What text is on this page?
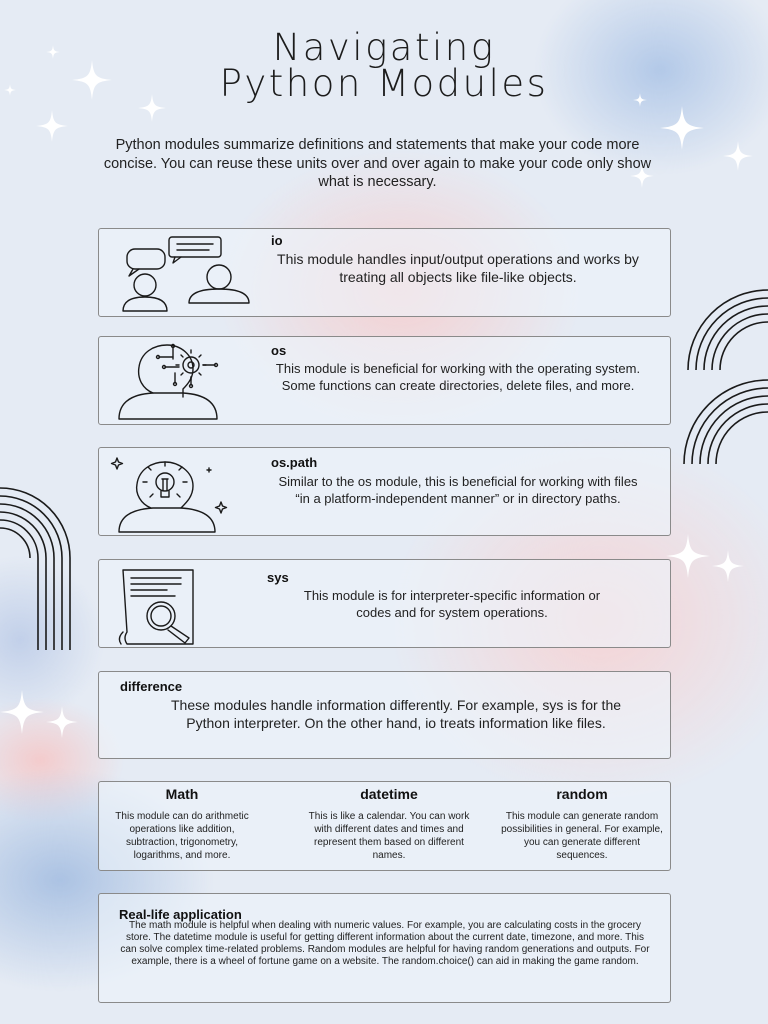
Navigating
Python Modules

Python modules summarize definitions and statements that make your code more concise. You can reuse these units over and over again to make your code only show what is necessary.

io
This module handles input/output operations and works by treating all objects like file-like objects.
os
This module is beneficial for working with the operating system. Some functions can create directories, delete files, and more.
os.path
Similar to the os module, this is beneficial for working with files “in a platform-independent manner” or in directory paths.
sys
This module is for interpreter-specific information or codes and for system operations.
difference
These modules handle information differently. For example, sys is for the Python interpreter. On the other hand, io treats information like files.
Math
This module can do arithmetic operations like addition, subtraction, trigonometry, logarithms, and more.
datetime
This is like a calendar. You can work with different dates and times and represent them based on different names.
random
This module can generate random possibilities in general. For example, you can generate different sequences.
Real-life application
The math module is helpful when dealing with numeric values. For example, you are calculating costs in the grocery store. The datetime module is useful for getting different information about the current date, timezone, and more. This can solve complex time-related problems. Random modules are helpful for having random generations and outputs. For example, there is a wheel of fortune game on a website. The random.choice() can aid in making the game random.
